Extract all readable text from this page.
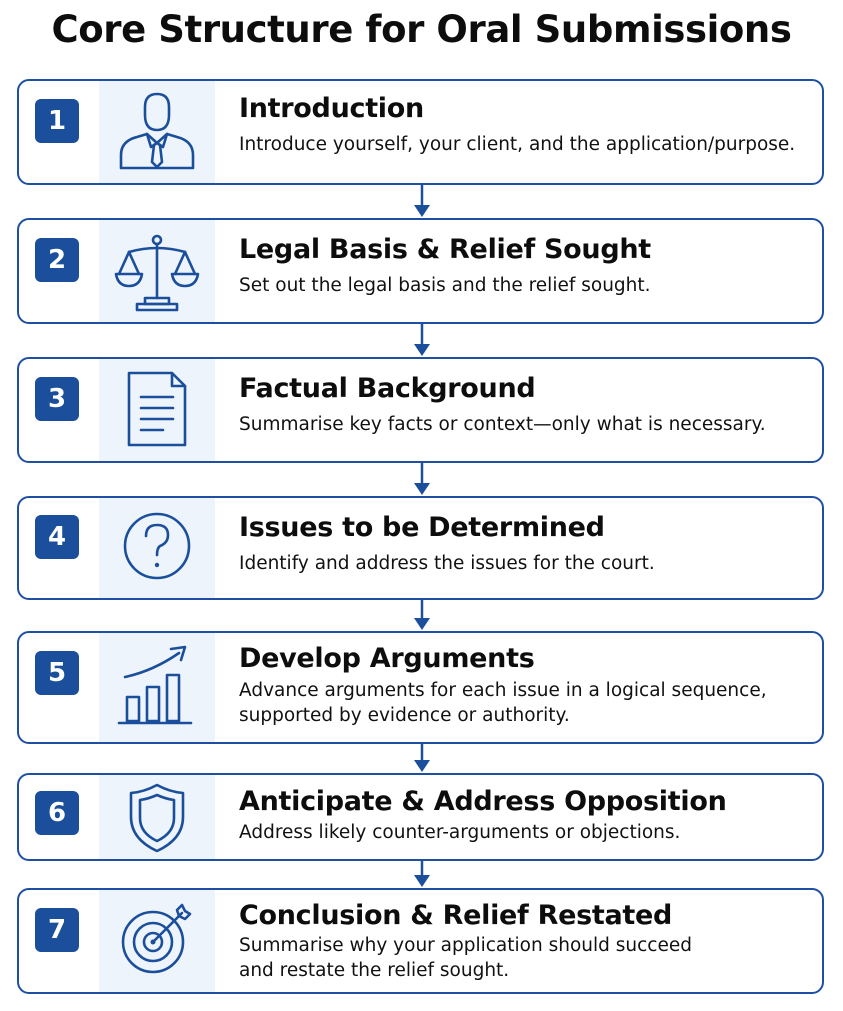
Core Structure for Oral Submissions
1	Introduction
Introduce yourself, your client, and the application/purpose.
2	Legal Basis & Relief Sought
Set out the legal basis and the relief sought.
3	Factual Background
Summarise key facts or context—only what is necessary.
4	Issues to be Determined
Identify and address the issues for the court.
5	Develop Arguments
Advance arguments for each issue in a logical sequence,
supported by evidence or authority.
6	Anticipate & Address Opposition
Address likely counter-arguments or objections.
7	Conclusion & Relief Restated
Summarise why your application should succeed
and restate the relief sought.
